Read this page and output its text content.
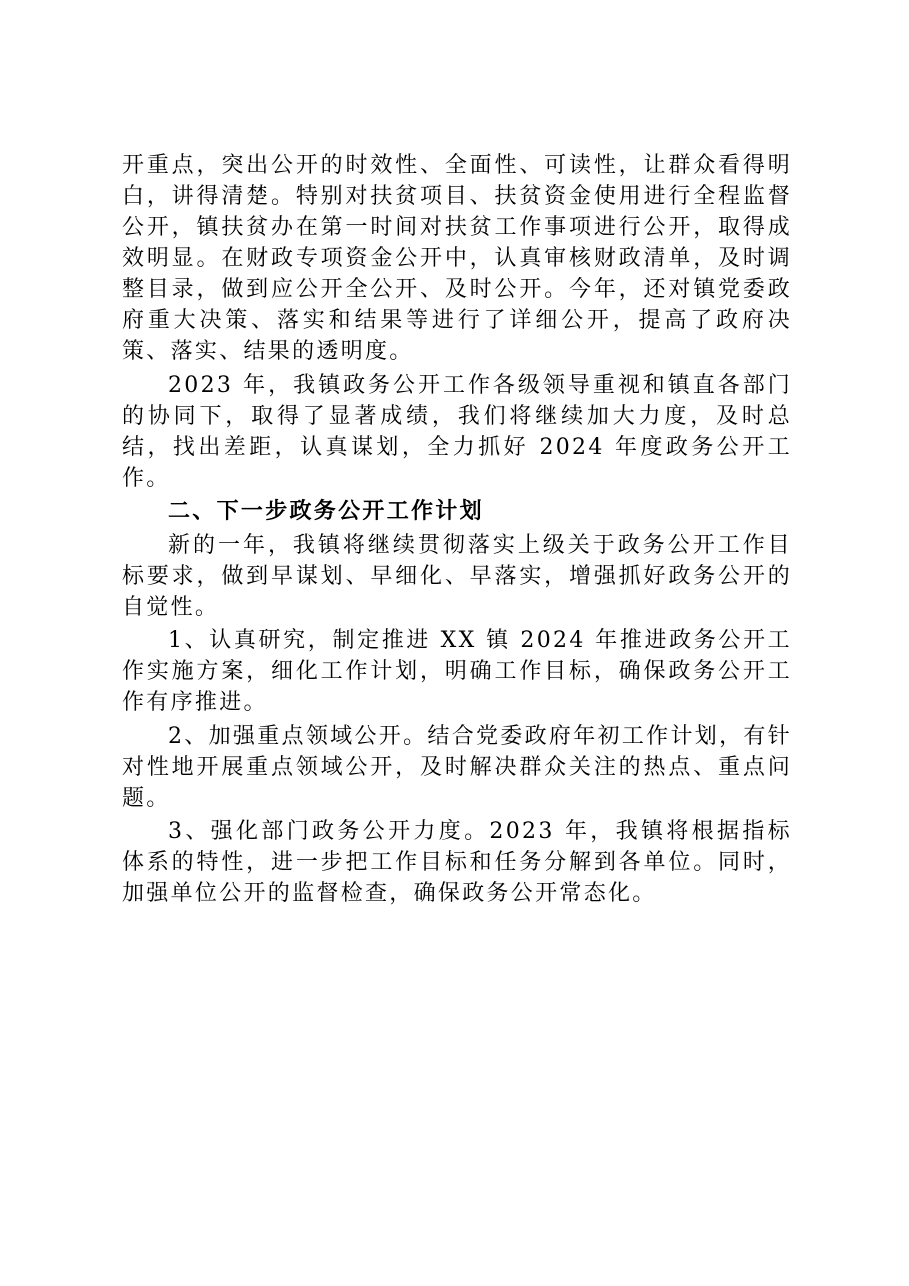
开重点，突出公开的时效性、全面性、可读性，让群众看得明白，讲得清楚。特别对扶贫项目、扶贫资金使用进行全程监督公开，镇扶贫办在第一时间对扶贫工作事项进行公开，取得成效明显。在财政专项资金公开中，认真审核财政清单，及时调整目录，做到应公开全公开、及时公开。今年，还对镇党委政府重大决策、落实和结果等进行了详细公开，提高了政府决策、落实、结果的透明度。

2023 年，我镇政务公开工作各级领导重视和镇直各部门的协同下，取得了显著成绩，我们将继续加大力度，及时总结，找出差距，认真谋划，全力抓好 2024 年度政务公开工作。

二、下一步政务公开工作计划

新的一年，我镇将继续贯彻落实上级关于政务公开工作目标要求，做到早谋划、早细化、早落实，增强抓好政务公开的自觉性。

1、认真研究，制定推进 XX 镇 2024 年推进政务公开工作实施方案，细化工作计划，明确工作目标，确保政务公开工作有序推进。

2、加强重点领域公开。结合党委政府年初工作计划，有针对性地开展重点领域公开，及时解决群众关注的热点、重点问题。

3、强化部门政务公开力度。2023 年，我镇将根据指标体系的特性，进一步把工作目标和任务分解到各单位。同时，加强单位公开的监督检查，确保政务公开常态化。
